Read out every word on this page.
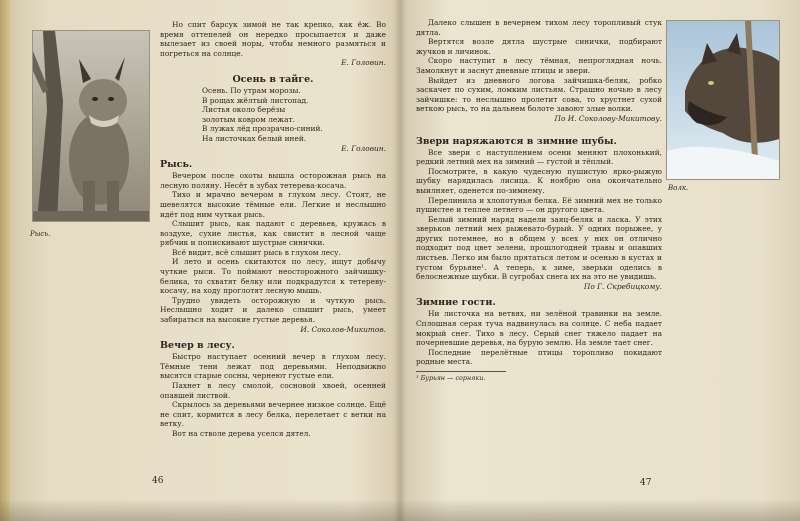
Рысь.

Но спит барсук зимой не так крепко, как ёж. Во время оттепелей он нередко просыпается и даже вылезает из своей норы, чтобы немного размяться и погреться на солнце.

Е. Головин.

Осень в тайге.

Осень. По утрам морозы.

В рощах жёлтый листопад.

Листья около берёзы

золотым ковром лежат.

В лужах лёд прозрачно-синий.

На листочках белый иней.

Е. Головин.

Рысь.

Вечером после охоты вышла осторожная рысь на лесную поляну. Несёт в зубах тетерева-косача.

Тихо и мрачно вечером в глухом лесу. Стоят, не шевелятся высокие тёмные ели. Легкие и неслышно идёт под ним чуткая рысь.

Слышит рысь, как падают с деревьев, кружась в воздухе, сухие листья, как свистит в лесной чаще рябчик и попискивают шустрые синички.

Всё видит, всё слышит рысь в глухом лесу.

И лето и осень скитаются по лесу, ищут добычу чуткие рыси. То поймают неосторожного зайчишку-белика, то схватят белку или подкрадутся к тетереву-косачу, на ходу проглотят лесную мышь.

Трудно увидеть осторожную и чуткую рысь. Неслышно ходит и далеко слышит рысь, умеет забираться на высокие густые деревья.

И. Соколов-Микитов.

Вечер в лесу.

Быстро наступает осенний вечер в глухом лесу. Тёмные тени лежат под деревьями. Неподвижно высятся старые сосны, чернеют густые ели.

Пахнет в лесу смолой, сосновой хвоей, осенней опавшей листвой.

Скрылось за деревьями вечернее низкое солнце. Ещё не спит, кормится в лесу белка, перелетает с ветки на ветку.

Вот на стволе дерева уселся дятел.

46

Далеко слышен в вечернем тихом лесу торопливый стук дятла.

Вертятся возле дятла шустрые синички, подбирают жучков и личинок.

Скоро наступит в лесу тёмная, непроглядная ночь. Замолкнут и заснут дневные птицы и звери.

Выйдет из дневного логова зайчишка-беляк, робко заскачет по сухим, ломким листьям. Страшно ночью в лесу зайчишке: то неслышно пролетит сова, то хрустнет сухой веткою рысь, то на дальнем болоте завоют злые волки.

По И. Соколову-Микитову.

Звери наряжаются в зимние шубы.

Все звери с наступлением осени меняют плохонький, редкий летний мех на зимний — густой и тёплый.

Посмотрите, в какую чудесную пушистую ярко-рыжую шубку нарядилась лисица. К ноябрю она окончательно выилняет, оденется по-зимнему.

Перелинила и хлопотунья белка. Её зимний мех не только пушистее и теплее летнего — он другого цвета.

Белый зимний наряд надели заяц-беляк и ласка. У этих зверьков летний мех рыжевато-бурый. У одних порыжее, у других потемнее, но в общем у всех у них он отлично подходит под цвет зелени, прошлогодней травы и опавших листьев. Легко им было прятаться летом и осенью в кустах и густом бурьяне¹. А теперь, к зиме, зверьки оделись в белоснежные шубки. В сугробах снега их на это не увидишь.

По Г. Скребицкому.

Зимние гости.

Ни листочка на ветвях, ни зелёной травинки на земле. Сплошная серая туча надвинулась на солнце. С неба падает мокрый снег. Тихо в лесу. Серый снег тяжело падает на почерневшие деревья, на бурую землю. На земле тает снег.

Последние перелётные птицы торопливо покидают родные места.

¹ Бурьян — сорняки.
Волк.
47
